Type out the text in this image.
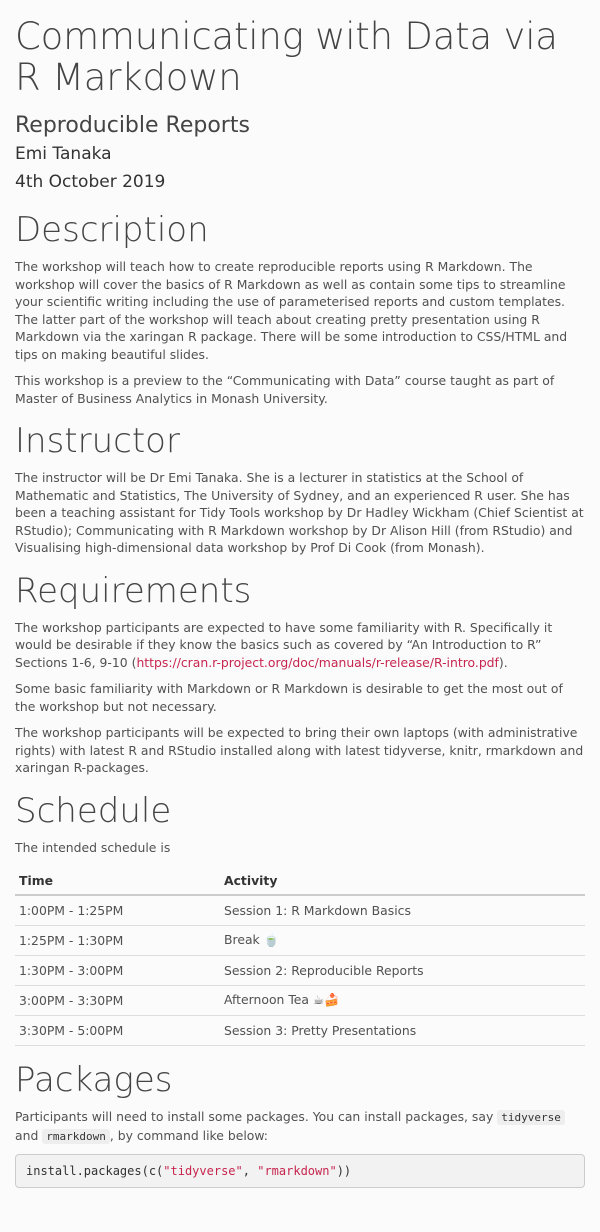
Communicating with Data via R Markdown
Reproducible Reports
Emi Tanaka
4th October 2019
Description

The workshop will teach how to create reproducible reports using R Markdown. The workshop will cover the basics of R Markdown as well as contain some tips to streamline your scientific writing including the use of parameterised reports and custom templates. The latter part of the workshop will teach about creating pretty presentation using R Markdown via the xaringan R package. There will be some introduction to CSS/HTML and tips on making beautiful slides.

This workshop is a preview to the “Communicating with Data” course taught as part of Master of Business Analytics in Monash University.

Instructor

The instructor will be Dr Emi Tanaka. She is a lecturer in statistics at the School of Mathematic and Statistics, The University of Sydney, and an experienced R user. She has been a teaching assistant for Tidy Tools workshop by Dr Hadley Wickham (Chief Scientist at RStudio); Communicating with R Markdown workshop by Dr Alison Hill (from RStudio) and Visualising high-dimensional data workshop by Prof Di Cook (from Monash).

Requirements

The workshop participants are expected to have some familiarity with R. Specifically it would be desirable if they know the basics such as covered by “An Introduction to R” Sections 1-6, 9-10 (https://cran.r-project.org/doc/manuals/r-release/R-intro.pdf).

Some basic familiarity with Markdown or R Markdown is desirable to get the most out of the workshop but not necessary.

The workshop participants will be expected to bring their own laptops (with administrative rights) with latest R and RStudio installed along with latest tidyverse, knitr, rmarkdown and xaringan R-packages.

Schedule

The intended schedule is

Time	Activity
1:00PM - 1:25PM	Session 1: R Markdown Basics
1:25PM - 1:30PM	Break 🍵
1:30PM - 3:00PM	Session 2: Reproducible Reports
3:00PM - 3:30PM	Afternoon Tea ☕🍰
3:30PM - 5:00PM	Session 3: Pretty Presentations
Packages

Participants will need to install some packages. You can install packages, say tidyverse and rmarkdown , by command like below:

install.packages(c("tidyverse", "rmarkdown"))
